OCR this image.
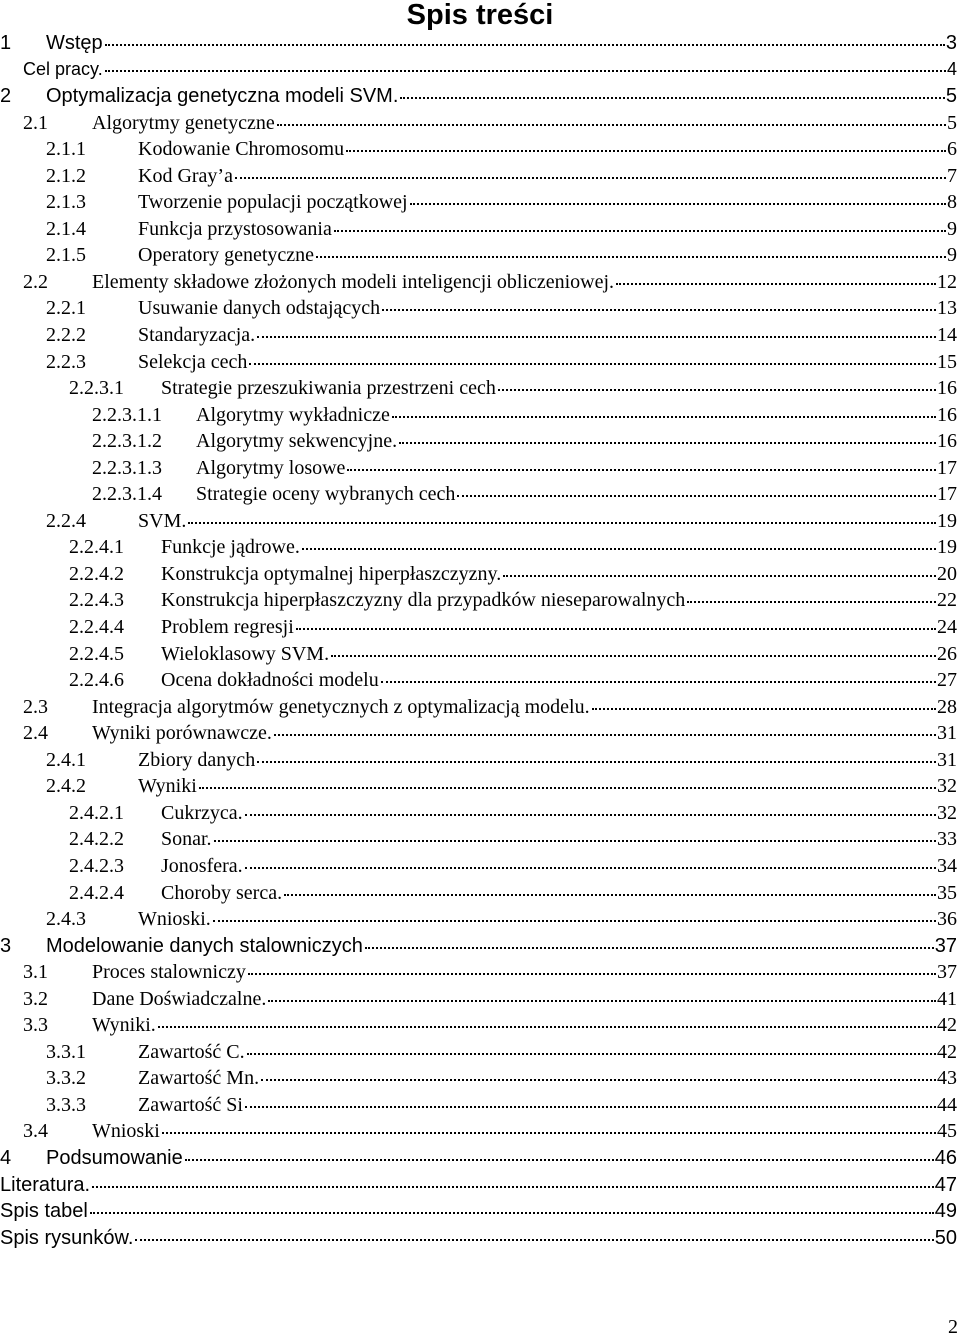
Spis treści
1	Wstęp	3
Cel pracy.	4
2	Optymalizacja genetyczna modeli SVM.	5
2.1	Algorytmy genetyczne	5
2.1.1	Kodowanie Chromosomu	6
2.1.2	Kod Gray’a	7
2.1.3	Tworzenie populacji początkowej	8
2.1.4	Funkcja przystosowania	9
2.1.5	Operatory genetyczne	9
2.2	Elementy składowe złożonych modeli inteligencji obliczeniowej.	12
2.2.1	Usuwanie danych odstających	13
2.2.2	Standaryzacja.	14
2.2.3	Selekcja cech	15
2.2.3.1	Strategie przeszukiwania przestrzeni cech	16
2.2.3.1.1	Algorytmy wykładnicze	16
2.2.3.1.2	Algorytmy sekwencyjne.	16
2.2.3.1.3	Algorytmy losowe	17
2.2.3.1.4	Strategie oceny wybranych cech	17
2.2.4	SVM.	19
2.2.4.1	Funkcje jądrowe.	19
2.2.4.2	Konstrukcja optymalnej hiperpłaszczyzny.	20
2.2.4.3	Konstrukcja hiperpłaszczyzny dla przypadków nieseparowalnych	22
2.2.4.4	Problem regresji	24
2.2.4.5	Wieloklasowy SVM.	26
2.2.4.6	Ocena dokładności modelu	27
2.3	Integracja algorytmów genetycznych z optymalizacją modelu.	28
2.4	Wyniki porównawcze.	31
2.4.1	Zbiory danych	31
2.4.2	Wyniki	32
2.4.2.1	Cukrzyca.	32
2.4.2.2	Sonar.	33
2.4.2.3	Jonosfera.	34
2.4.2.4	Choroby serca.	35
2.4.3	Wnioski.	36
3	Modelowanie danych stalowniczych	37
3.1	Proces stalowniczy	37
3.2	Dane Doświadczalne.	41
3.3	Wyniki.	42
3.3.1	Zawartość C.	42
3.3.2	Zawartość Mn.	43
3.3.3	Zawartość Si	44
3.4	Wnioski	45
4	Podsumowanie	46
Literatura.	47
Spis tabel	49
Spis rysunków.	50
2
